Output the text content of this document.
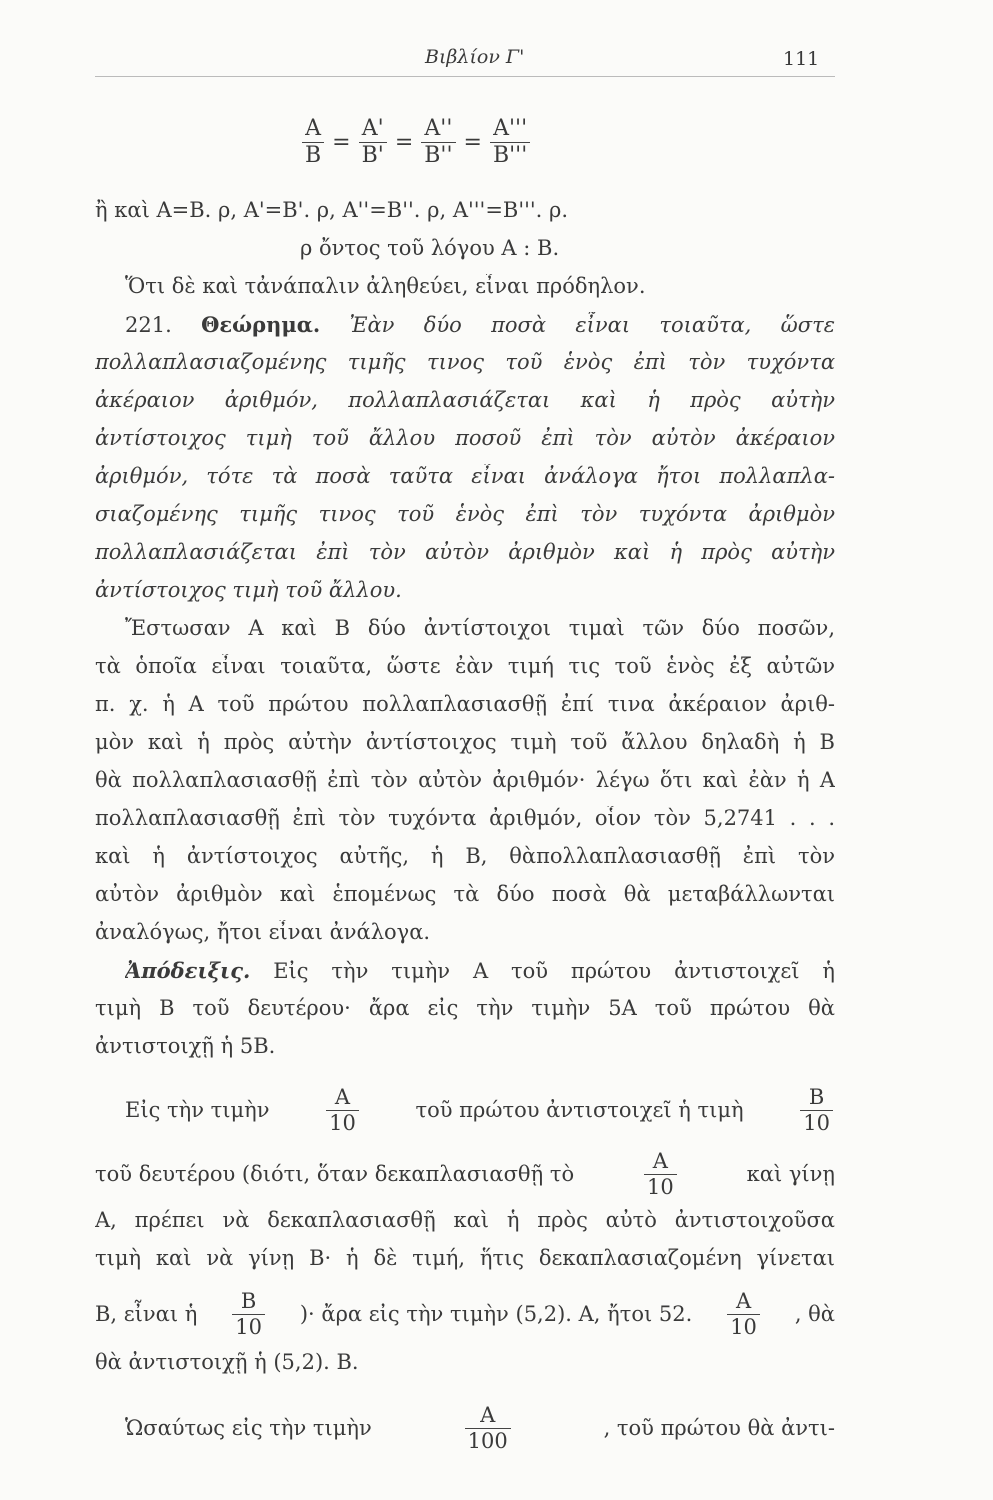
Βιβλίον Γ'	111
$\frac{A}{B} = \frac{A'}{B'} = \frac{A''}{B''} = \frac{A'''}{B'''}$
ἢ καὶ A=B. ρ, A'=B'. ρ, A''=B''. ρ, A'''=B'''. ρ.
ρ ὄντος τοῦ λόγου A : B.
Ὅτι δὲ καὶ τἀνάπαλιν ἀληθεύει, εἶναι πρόδηλον.
221. Θεώρημα. Ἐὰν δύο ποσὰ εἶναι τοιαῦτα, ὥστε
πολλαπλασιαζομένης τιμῆς τινος τοῦ ἑνὸς ἐπὶ τὸν τυχόντα
ἀκέραιον ἀριθμόν, πολλαπλασιάζεται καὶ ἡ πρὸς αὐτὴν
ἀντίστοιχος τιμὴ τοῦ ἄλλου ποσοῦ ἐπὶ τὸν αὐτὸν ἀκέραιον
ἀριθμόν, τότε τὰ ποσὰ ταῦτα εἶναι ἀνάλογα ἤτοι πολλαπλα-
σιαζομένης τιμῆς τινος τοῦ ἑνὸς ἐπὶ τὸν τυχόντα ἀριθμὸν
πολλαπλασιάζεται ἐπὶ τὸν αὐτὸν ἀριθμὸν καὶ ἡ πρὸς αὐτὴν
ἀντίστοιχος τιμὴ τοῦ ἄλλου.
Ἔστωσαν A καὶ B δύο ἀντίστοιχοι τιμαὶ τῶν δύο ποσῶν,
τὰ ὁποῖα εἶναι τοιαῦτα, ὥστε ἐὰν τιμή τις τοῦ ἑνὸς ἐξ αὐτῶν
π. χ. ἡ A τοῦ πρώτου πολλαπλασιασθῇ ἐπί τινα ἀκέραιον ἀριθ-
μὸν καὶ ἡ πρὸς αὐτὴν ἀντίστοιχος τιμὴ τοῦ ἄλλου δηλαδὴ ἡ B
θὰ πολλαπλασιασθῇ ἐπὶ τὸν αὐτὸν ἀριθμόν· λέγω ὅτι καὶ ἐὰν ἡ A
πολλαπλασιασθῇ ἐπὶ τὸν τυχόντα ἀριθμόν, οἷον τὸν 5,2741 . . .
καὶ ἡ ἀντίστοιχος αὐτῆς, ἡ B, θὰπολλαπλασιασθῇ ἐπὶ τὸν
αὐτὸν ἀριθμὸν καὶ ἑπομένως τὰ δύο ποσὰ θὰ μεταβάλλωνται
ἀναλόγως, ἤτοι εἶναι ἀνάλογα.
Ἀπόδειξις. Εἰς τὴν τιμὴν A τοῦ πρώτου ἀντιστοιχεῖ ἡ
τιμὴ B τοῦ δευτέρου· ἄρα εἰς τὴν τιμὴν 5A τοῦ πρώτου θὰ
ἀντιστοιχῇ ἡ 5B.
Εἰς τὴν τιμὴν	$\frac{A}{10}$	τοῦ πρώτου ἀντιστοιχεῖ ἡ τιμὴ	$\frac{B}{10}$
τοῦ δευτέρου (διότι, ὅταν δεκαπλασιασθῇ τὸ	$\frac{A}{10}$	καὶ γίνῃ
A, πρέπει νὰ δεκαπλασιασθῇ καὶ ἡ πρὸς αὐτὸ ἀντιστοιχοῦσα
τιμὴ καὶ νὰ γίνῃ B· ἡ δὲ τιμή, ἥτις δεκαπλασιαζομένη γίνεται
B, εἶναι ἡ $\frac{B}{10}$ )· ἄρα εἰς τὴν τιμὴν (5,2). A, ἤτοι 52. $\frac{A}{10}$ , θὰ
θὰ ἀντιστοιχῇ ἡ (5,2). B.
Ὡσαύτως εἰς τὴν τιμὴν	$\frac{A}{100}$	, τοῦ πρώτου θὰ ἀντι-
